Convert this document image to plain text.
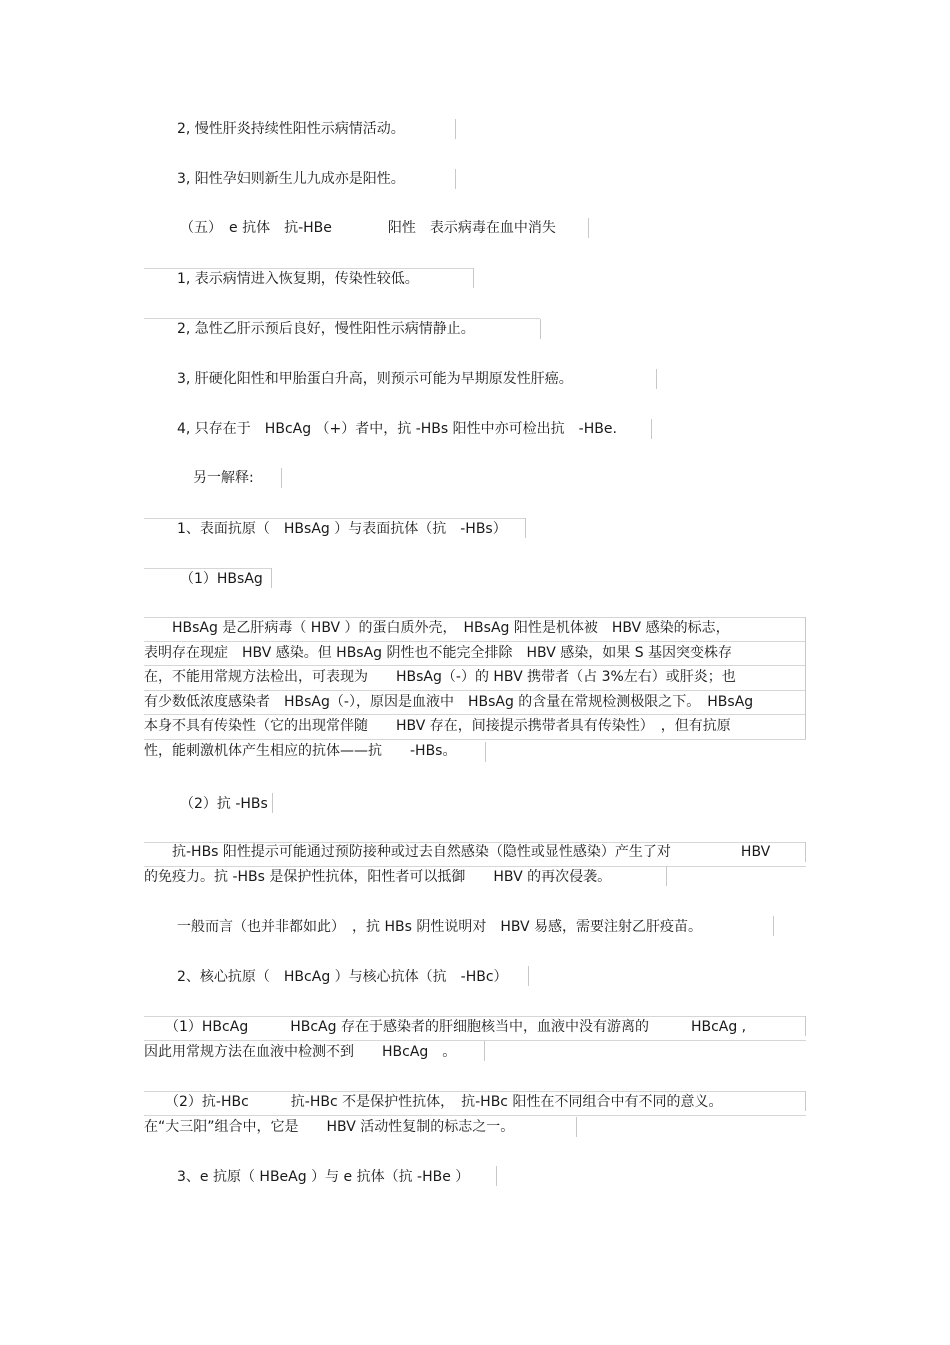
2, 慢性肝炎持续性阳性示病情活动。
3, 阳性孕妇则新生儿九成亦是阳性。
（五）　e 抗体　抗-HBe　　　　阳性　表示病毒在血中消失
1, 表示病情进入恢复期，传染性较低。
2, 急性乙肝示预后良好，慢性阳性示病情静止。
3, 肝硬化阳性和甲胎蛋白升高，则预示可能为早期原发性肝癌。
4, 只存在于　HBcAg （+）者中，抗 -HBs 阳性中亦可检出抗　-HBe.
另一解释:
1、表面抗原（　HBsAg ）与表面抗体（抗　-HBs）
（1）HBsAg
　　HBsAg 是乙肝病毒（ HBV ）的蛋白质外壳，　HBsAg 阳性是机体被　HBV 感染的标志，
表明存在现症　HBV 感染。但 HBsAg 阴性也不能完全排除　HBV 感染，如果 S 基因突变株存
在，不能用常规方法检出，可表现为　　HBsAg（-）的 HBV 携带者（占 3%左右）或肝炎；也
有少数低浓度感染者　HBsAg（-），原因是血液中　HBsAg 的含量在常规检测极限之下。　HBsAg
本身不具有传染性（它的出现常伴随　　HBV 存在，间接提示携带者具有传染性）　，但有抗原
性，能刺激机体产生相应的抗体——抗　　-HBs。
（2）抗 -HBs
　　抗-HBs 阳性提示可能通过预防接种或过去自然感染（隐性或显性感染）产生了对　　　　　HBV
的免疫力。抗 -HBs 是保护性抗体，阳性者可以抵御　　HBV 的再次侵袭。
一般而言（也并非都如此）　，抗 HBs 阴性说明对　HBV 易感，需要注射乙肝疫苗。
2、核心抗原（　HBcAg ）与核心抗体（抗　-HBc）
　　（1）HBcAg　　　HBcAg 存在于感染者的肝细胞核当中，血液中没有游离的　　　HBcAg ,
因此用常规方法在血液中检测不到　　HBcAg　。
　　（2）抗-HBc　　　抗-HBc 不是保护性抗体，　抗-HBc 阳性在不同组合中有不同的意义。
在“大三阳”组合中，它是　　HBV 活动性复制的标志之一。
3、e 抗原（ HBeAg ）与 e 抗体（抗 -HBe ）
